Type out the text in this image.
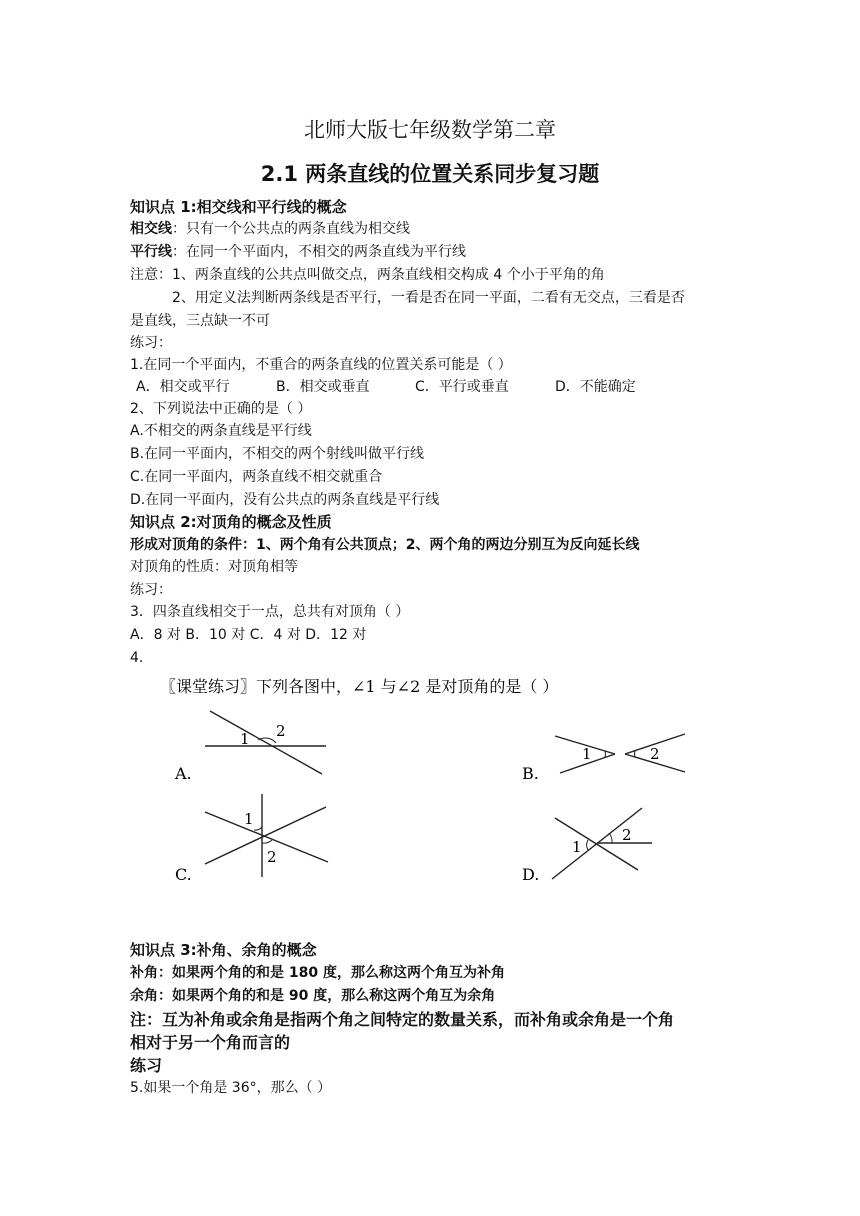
北师大版七年级数学第二章
2.1 两条直线的位置关系同步复习题
知识点 1:相交线和平行线的概念
相交线：只有一个公共点的两条直线为相交线
平行线：在同一个平面内，不相交的两条直线为平行线
注意：1、两条直线的公共点叫做交点，两条直线相交构成 4 个小于平角的角
2、用定义法判断两条线是否平行，一看是否在同一平面，二看有无交点，三看是否
是直线，三点缺一不可
练习：
1.在同一个平面内，不重合的两条直线的位置关系可能是（ ）
A．相交或平行	B．相交或垂直	C．平行或垂直	D．不能确定
2、下列说法中正确的是（ ）
A.不相交的两条直线是平行线
B.在同一平面内，不相交的两个射线叫做平行线
C.在同一平面内，两条直线不相交就重合
D.在同一平面内，没有公共点的两条直线是平行线
知识点 2:对顶角的概念及性质
形成对顶角的条件：1、两个角有公共顶点；2、两个角的两边分别互为反向延长线
对顶角的性质：对顶角相等
练习：
3．四条直线相交于一点，总共有对顶角（ ）
A．8 对 B．10 对 C．4 对 D．12 对
4.
〖课堂练习〗下列各图中，∠1 与∠2 是对顶角的是（ ）
1 2
A.
1	2
B.
1
2
C.
1
2
D.
知识点 3:补角、余角的概念
补角：如果两个角的和是 180 度，那么称这两个角互为补角
余角：如果两个角的和是 90 度，那么称这两个角互为余角
注：互为补角或余角是指两个角之间特定的数量关系，而补角或余角是一个角
相对于另一个角而言的
练习
5.如果一个角是 36°，那么（ ）
